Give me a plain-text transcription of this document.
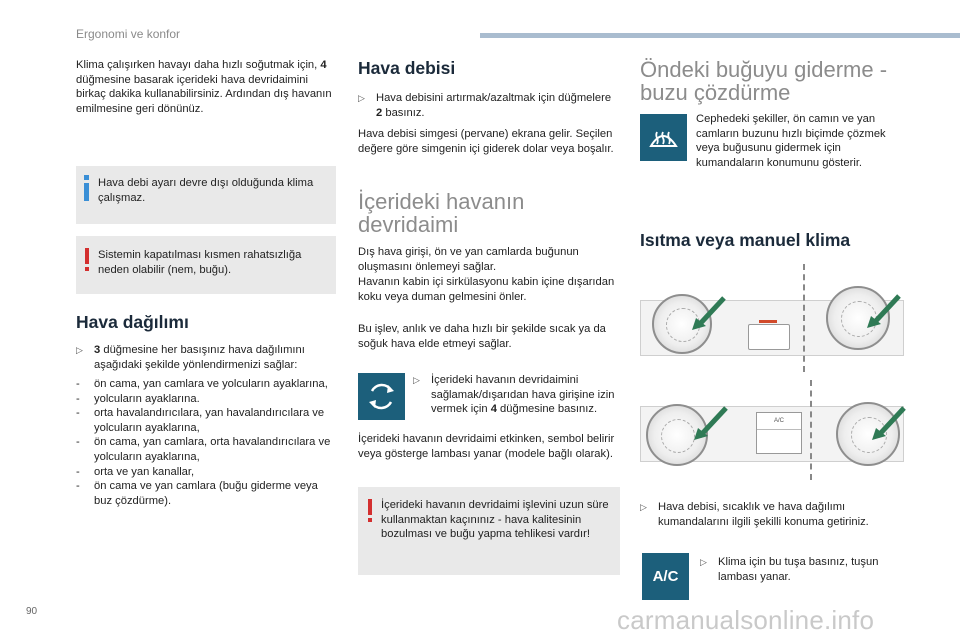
Ergonomi ve konfor
Klima çalışırken havayı daha hızlı soğutmak için, 4 düğmesine basarak içerideki hava devridaimini birkaç dakika kullanabilirsiniz. Ardından dış havanın emilmesine geri dönünüz.
Hava debi ayarı devre dışı olduğunda klima çalışmaz.
Sistemin kapatılması kısmen rahatsızlığa neden olabilir (nem, buğu).
Hava dağılımı
▷ 3 düğmesine her basışınız hava dağılımını aşağıdaki şekilde yönlendirmenizi sağlar:
- ön cama, yan camlara ve yolcuların ayaklarına,
- yolcuların ayaklarına.
- orta havalandırıcılara, yan havalandırıcılara ve yolcuların ayaklarına,
- ön cama, yan camlara, orta havalandırıcılara ve yolcuların ayaklarına,
- orta ve yan kanallar,
- ön cama ve yan camlara (buğu giderme veya buz çözdürme).
Hava debisi
▷ Hava debisini artırmak/azaltmak için düğmelere 2 basınız.
Hava debisi simgesi (pervane) ekrana gelir. Seçilen değere göre simgenin içi giderek dolar veya boşalır.
İçerideki havanın devridaimi
Dış hava girişi, ön ve yan camlarda buğunun oluşmasını önlemeyi sağlar.
Havanın kabin içi sirkülasyonu kabin içine dışarıdan koku veya duman gelmesini önler.
Bu işlev, anlık ve daha hızlı bir şekilde sıcak ya da soğuk hava elde etmeyi sağlar.
▷ İçerideki havanın devridaimini sağlamak/dışarıdan hava girişine izin vermek için 4 düğmesine basınız.
İçerideki havanın devridaimi etkinken, sembol belirir veya gösterge lambası yanar (modele bağlı olarak).
İçerideki havanın devridaimi işlevini uzun süre kullanmaktan kaçınınız - hava kalitesinin bozulması ve buğu yapma tehlikesi vardır!
Öndeki buğuyu giderme - buzu çözdürme
Cephedeki şekiller, ön camın ve yan camların buzunu hızlı biçimde çözmek veya buğusunu gidermek için kumandaların konumunu gösterir.
Isıtma veya manuel klima
A/C
▷ Hava debisi, sıcaklık ve hava dağılımı kumandalarını ilgili şekilli konuma getiriniz.
A/C
▷ Klima için bu tuşa basınız, tuşun lambası yanar.
90	carmanualsonline.info
